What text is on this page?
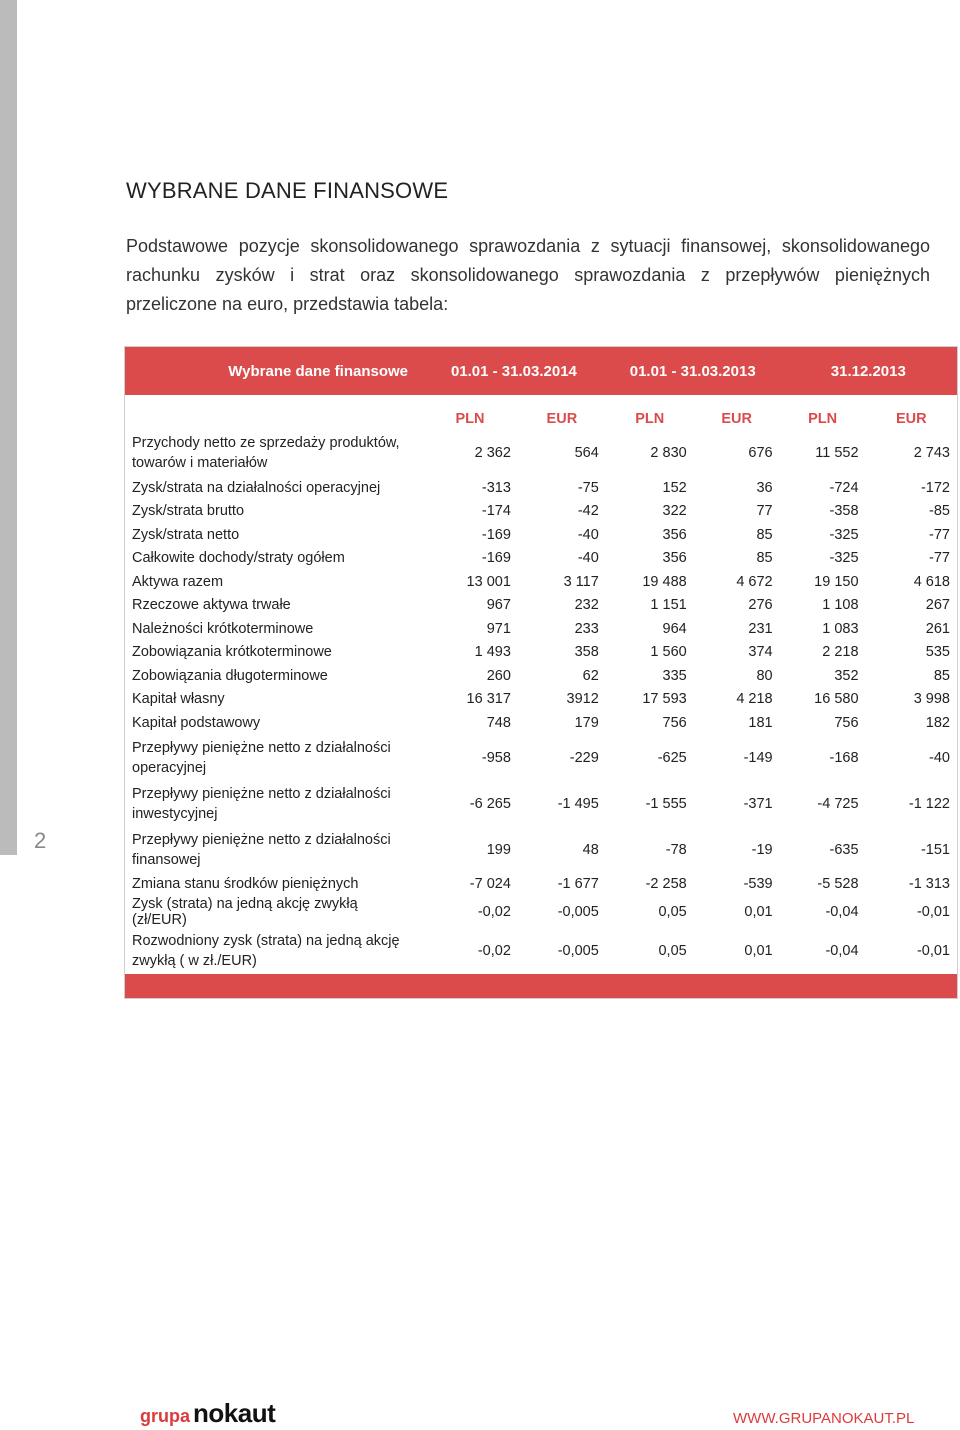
2
WYBRANE DANE FINANSOWE

Podstawowe pozycje skonsolidowanego sprawozdania z sytuacji finansowej, skonsolidowanego rachunku zysków i strat oraz skonsolidowanego sprawozdania z przepływów pieniężnych przeliczone na euro, przedstawia tabela:

Wybrane dane finansowe	01.01 - 31.03.2014		01.01 - 31.03.2013		31.12.2013	
	PLN	EUR	PLN	EUR	PLN	EUR
Przychody netto ze sprzedaży produktów, towarów i materiałów	2 362	564	2 830	676	11 552	2 743
Zysk/strata na działalności operacyjnej	-313	-75	152	36	-724	-172
Zysk/strata brutto	-174	-42	322	77	-358	-85
Zysk/strata netto	-169	-40	356	85	-325	-77
Całkowite dochody/straty ogółem	-169	-40	356	85	-325	-77
Aktywa razem	13 001	3 117	19 488	4 672	19 150	4 618
Rzeczowe aktywa trwałe	967	232	1 151	276	1 108	267
Należności krótkoterminowe	971	233	964	231	1 083	261
Zobowiązania krótkoterminowe	1 493	358	1 560	374	2 218	535
Zobowiązania długoterminowe	260	62	335	80	352	85
Kapitał własny	16 317	3912	17 593	4 218	16 580	3 998
Kapitał podstawowy	748	179	756	181	756	182
Przepływy pieniężne netto z działalności operacyjnej	-958	-229	-625	-149	-168	-40
Przepływy pieniężne netto z działalności inwestycyjnej	-6 265	-1 495	-1 555	-371	-4 725	-1 122
Przepływy pieniężne netto z działalności finansowej	199	48	-78	-19	-635	-151
Zmiana stanu środków pieniężnych	-7 024	-1 677	-2 258	-539	-5 528	-1 313
Zysk (strata) na jedną akcję zwykłą (zł/EUR)	-0,02	-0,005	0,05	0,01	-0,04	-0,01
Rozwodniony zysk (strata) na jedną akcję zwykłą ( w zł./EUR)	-0,02	-0,005	0,05	0,01	-0,04	-0,01

grupa nokaut	WWW.GRUPANOKAUT.PL
